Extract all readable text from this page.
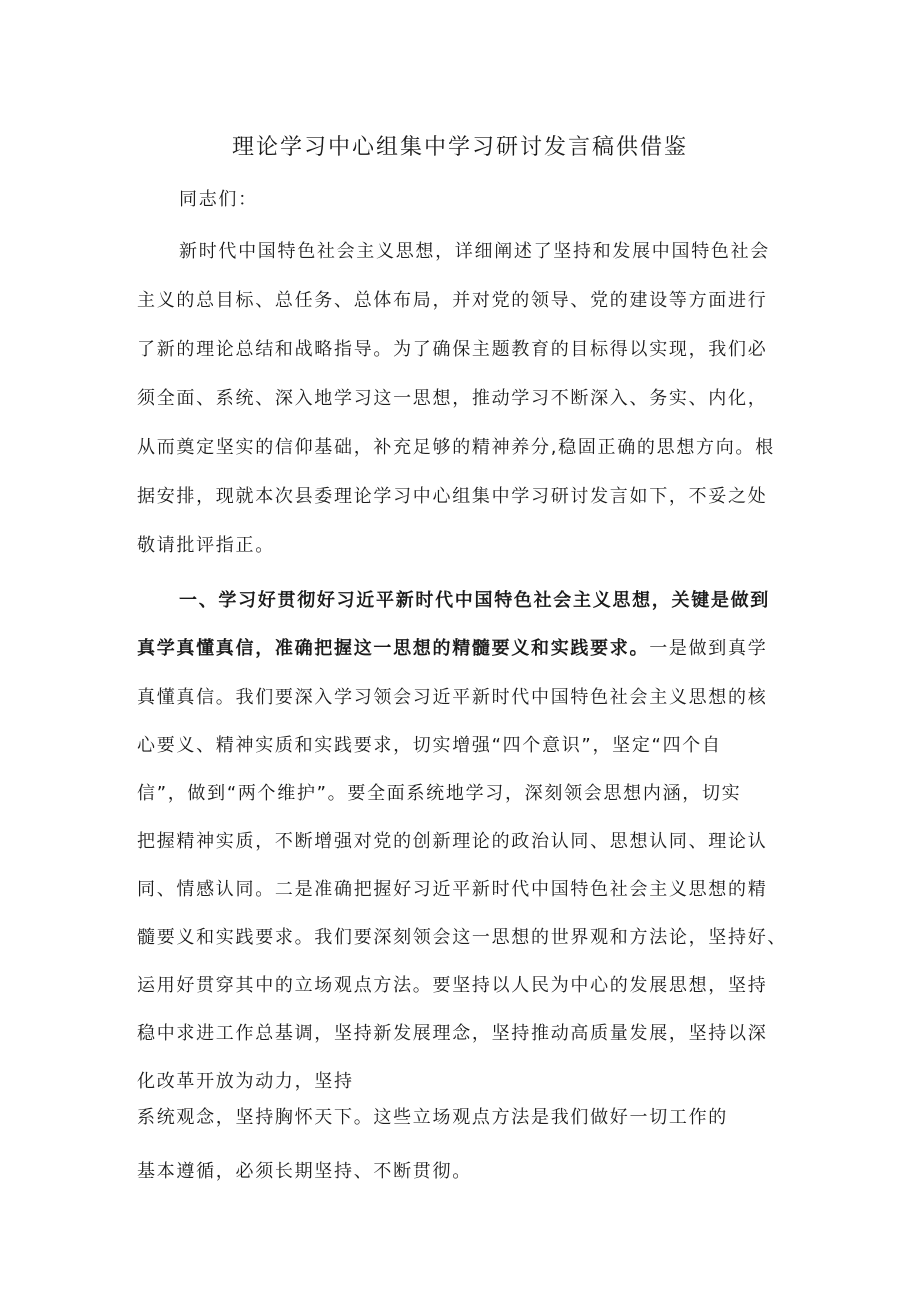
理论学习中心组集中学习研讨发言稿供借鉴
同志们：
新时代中国特色社会主义思想，详细阐述了坚持和发展中国特色社会
主义的总目标、总任务、总体布局，并对党的领导、党的建设等方面进行
了新的理论总结和战略指导。为了确保主题教育的目标得以实现，我们必
须全面、系统、深入地学习这一思想，推动学习不断深入、务实、内化，
从而奠定坚实的信仰基础，补充足够的精神养分,稳固正确的思想方向。根
据安排，现就本次县委理论学习中心组集中学习研讨发言如下，不妥之处
敬请批评指正。
一、学习好贯彻好习近平新时代中国特色社会主义思想，关键是做到
真学真懂真信，准确把握这一思想的精髓要义和实践要求。一是做到真学
真懂真信。我们要深入学习领会习近平新时代中国特色社会主义思想的核
心要义、精神实质和实践要求，切实增强“四个意识”，坚定“四个自
信”，做到“两个维护”。要全面系统地学习，深刻领会思想内涵，切实
把握精神实质，不断增强对党的创新理论的政治认同、思想认同、理论认
同、情感认同。二是准确把握好习近平新时代中国特色社会主义思想的精
髓要义和实践要求。我们要深刻领会这一思想的世界观和方法论，坚持好、
运用好贯穿其中的立场观点方法。要坚持以人民为中心的发展思想，坚持
稳中求进工作总基调，坚持新发展理念，坚持推动高质量发展，坚持以深
化改革开放为动力，坚持
系统观念，坚持胸怀天下。这些立场观点方法是我们做好一切工作的
基本遵循，必须长期坚持、不断贯彻。
